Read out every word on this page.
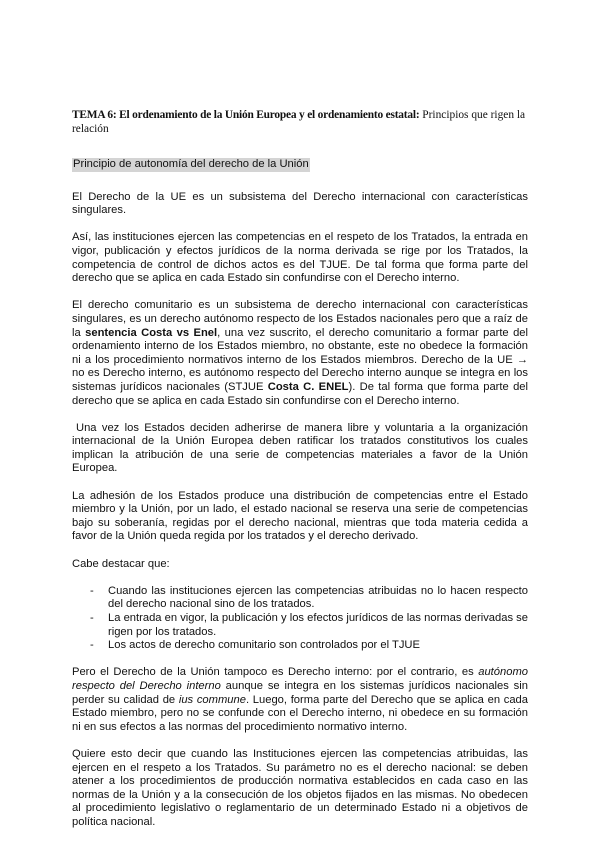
TEMA 6: El ordenamiento de la Unión Europea y el ordenamiento estatal: Principios que rigen la relación
Principio de autonomía del derecho de la Unión

El Derecho de la UE es un subsistema del Derecho internacional con características singulares.

Así, las instituciones ejercen las competencias en el respeto de los Tratados, la entrada en vigor, publicación y efectos jurídicos de la norma derivada se rige por los Tratados, la competencia de control de dichos actos es del TJUE. De tal forma que forma parte del derecho que se aplica en cada Estado sin confundirse con el Derecho interno.

El derecho comunitario es un subsistema de derecho internacional con características singulares, es un derecho autónomo respecto de los Estados nacionales pero que a raíz de la sentencia Costa vs Enel, una vez suscrito, el derecho comunitario a formar parte del ordenamiento interno de los Estados miembro, no obstante, este no obedece la formación ni a los procedimiento normativos interno de los Estados miembros. Derecho de la UE → no es Derecho interno, es autónomo respecto del Derecho interno aunque se integra en los sistemas jurídicos nacionales (STJUE Costa C. ENEL). De tal forma que forma parte del derecho que se aplica en cada Estado sin confundirse con el Derecho interno.

Una vez los Estados deciden adherirse de manera libre y voluntaria a la organización internacional de la Unión Europea deben ratificar los tratados constitutivos los cuales implican la atribución de una serie de competencias materiales a favor de la Unión Europea.

La adhesión de los Estados produce una distribución de competencias entre el Estado miembro y la Unión, por un lado, el estado nacional se reserva una serie de competencias bajo su soberanía, regidas por el derecho nacional, mientras que toda materia cedida a favor de la Unión queda regida por los tratados y el derecho derivado.

Cabe destacar que:

- Cuando las instituciones ejercen las competencias atribuidas no lo hacen respecto del derecho nacional sino de los tratados.
- La entrada en vigor, la publicación y los efectos jurídicos de las normas derivadas se rigen por los tratados.
- Los actos de derecho comunitario son controlados por el TJUE

Pero el Derecho de la Unión tampoco es Derecho interno: por el contrario, es autónomo respecto del Derecho interno aunque se integra en los sistemas jurídicos nacionales sin perder su calidad de ius commune. Luego, forma parte del Derecho que se aplica en cada Estado miembro, pero no se confunde con el Derecho interno, ni obedece en su formación ni en sus efectos a las normas del procedimiento normativo interno.

Quiere esto decir que cuando las Instituciones ejercen las competencias atribuidas, las ejercen en el respeto a los Tratados. Su parámetro no es el derecho nacional: se deben atener a los procedimientos de producción normativa establecidos en cada caso en las normas de la Unión y a la consecución de los objetos fijados en las mismas. No obedecen al procedimiento legislativo o reglamentario de un determinado Estado ni a objetivos de política nacional.
